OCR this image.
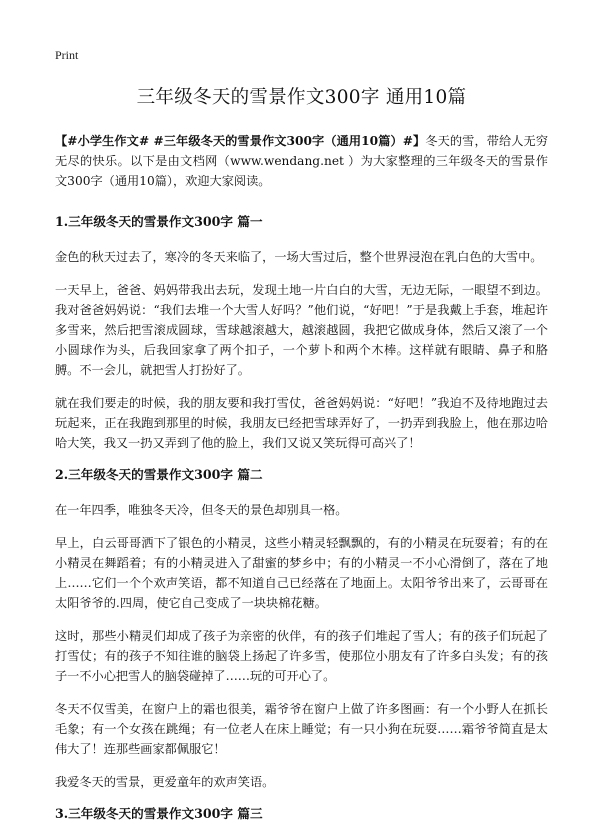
Print
三年级冬天的雪景作文300字 通用10篇

【#小学生作文# #三年级冬天的雪景作文300字（通用10篇）#】冬天的雪，带给人无穷无尽的快乐。以下是由文档网（www.wendang.net ）为大家整理的三年级冬天的雪景作文300字（通用10篇），欢迎大家阅读。

1.三年级冬天的雪景作文300字 篇一

金色的秋天过去了，寒冷的冬天来临了，一场大雪过后，整个世界浸泡在乳白色的大雪中。

一天早上，爸爸、妈妈带我出去玩，发现土地一片白白的大雪，无边无际，一眼望不到边。我对爸爸妈妈说：“我们去堆一个大雪人好吗？”他们说，“好吧！”于是我戴上手套，堆起许多雪来，然后把雪滚成圆球，雪球越滚越大，越滚越圆，我把它做成身体，然后又滚了一个小圆球作为头，后我回家拿了两个扣子，一个萝卜和两个木棒。这样就有眼睛、鼻子和胳膊。不一会儿，就把雪人打扮好了。

就在我们要走的时候，我的朋友要和我打雪仗，爸爸妈妈说：“好吧！”我迫不及待地跑过去玩起来，正在我跑到那里的时候，我朋友已经把雪球弄好了，一扔弄到我脸上，他在那边哈哈大笑，我又一扔又弄到了他的脸上，我们又说又笑玩得可高兴了！

2.三年级冬天的雪景作文300字 篇二

在一年四季，唯独冬天冷，但冬天的景色却别具一格。

早上，白云哥哥洒下了银色的小精灵，这些小精灵轻飘飘的，有的小精灵在玩耍着；有的在小精灵在舞蹈着；有的小精灵进入了甜蜜的梦乡中；有的小精灵一不小心滑倒了，落在了地上……它们一个个欢声笑语，都不知道自己已经落在了地面上。太阳爷爷出来了，云哥哥在太阳爷爷的.四周，使它自己变成了一块块棉花糖。

这时，那些小精灵们却成了孩子为亲密的伙伴，有的孩子们堆起了雪人；有的孩子们玩起了打雪仗；有的孩子不知往谁的脑袋上扬起了许多雪，使那位小朋友有了许多白头发；有的孩子一不小心把雪人的脑袋碰掉了……玩的可开心了。

冬天不仅雪美，在窗户上的霜也很美，霜爷爷在窗户上做了许多图画：有一个小野人在抓长毛象；有一个女孩在跳绳；有一位老人在床上睡觉；有一只小狗在玩耍……霜爷爷简直是太伟大了！连那些画家都佩服它！

我爱冬天的雪景，更爱童年的欢声笑语。

3.三年级冬天的雪景作文300字 篇三
